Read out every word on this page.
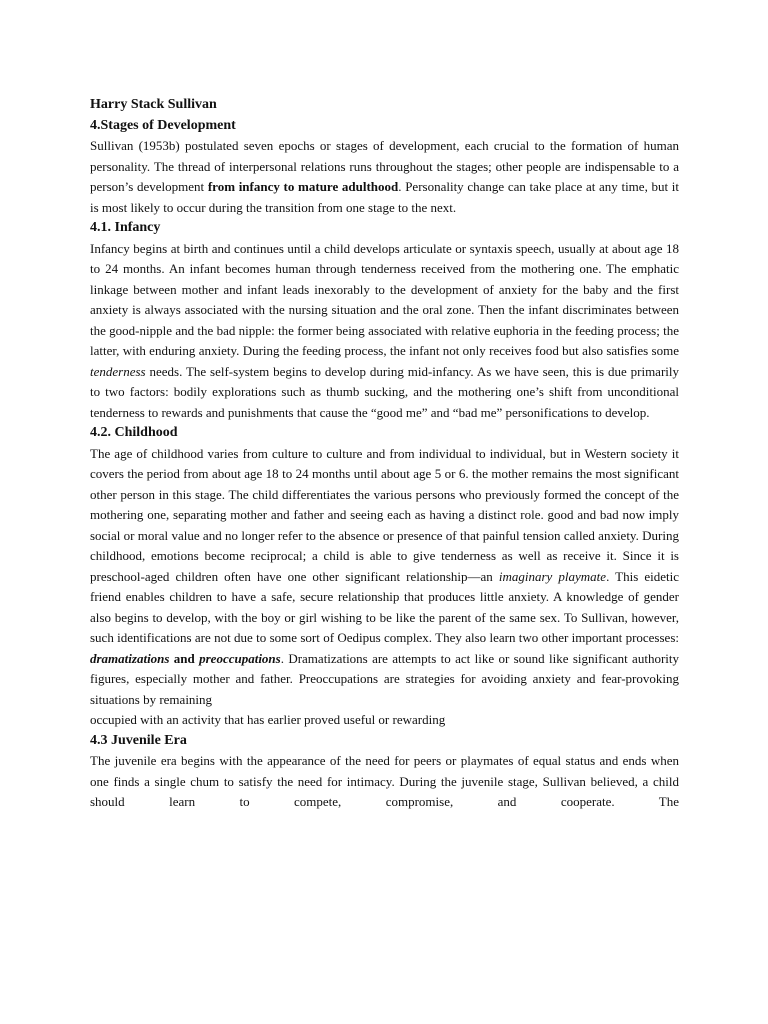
Harry Stack Sullivan
4.Stages of Development

Sullivan (1953b) postulated seven epochs or stages of development, each crucial to the formation of human personality. The thread of interpersonal relations runs throughout the stages; other people are indispensable to a person’s development from infancy to mature adulthood. Personality change can take place at any time, but it is most likely to occur during the transition from one stage to the next.

4.1. Infancy

Infancy begins at birth and continues until a child develops articulate or syntaxis speech, usually at about age 18 to 24 months. An infant becomes human through tenderness received from the mothering one. The emphatic linkage between mother and infant leads inexorably to the development of anxiety for the baby and the first anxiety is always associated with the nursing situation and the oral zone. Then the infant discriminates between the good-nipple and the bad nipple: the former being associated with relative euphoria in the feeding process; the latter, with enduring anxiety. During the feeding process, the infant not only receives food but also satisfies some tenderness needs. The self-system begins to develop during mid-infancy. As we have seen, this is due primarily to two factors: bodily explorations such as thumb sucking, and the mothering one’s shift from unconditional tenderness to rewards and punishments that cause the “good me” and “bad me” personifications to develop.

4.2. Childhood

The age of childhood varies from culture to culture and from individual to individual, but in Western society it covers the period from about age 18 to 24 months until about age 5 or 6. the mother remains the most significant other person in this stage. The child differentiates the various persons who previously formed the concept of the mothering one, separating mother and father and seeing each as having a distinct role. good and bad now imply social or moral value and no longer refer to the absence or presence of that painful tension called anxiety. During childhood, emotions become reciprocal; a child is able to give tenderness as well as receive it. Since it is preschool-aged children often have one other significant relationship—an imaginary playmate. This eidetic friend enables children to have a safe, secure relationship that produces little anxiety. A knowledge of gender also begins to develop, with the boy or girl wishing to be like the parent of the same sex. To Sullivan, however, such identifications are not due to some sort of Oedipus complex. They also learn two other important processes: dramatizations and preoccupations. Dramatizations are attempts to act like or sound like significant authority figures, especially mother and father. Preoccupations are strategies for avoiding anxiety and fear-provoking situations by remaining

occupied with an activity that has earlier proved useful or rewarding

4.3 Juvenile Era

The juvenile era begins with the appearance of the need for peers or playmates of equal status and ends when one finds a single chum to satisfy the need for intimacy. During the juvenile stage, Sullivan believed, a child should learn to compete, compromise, and cooperate. The
